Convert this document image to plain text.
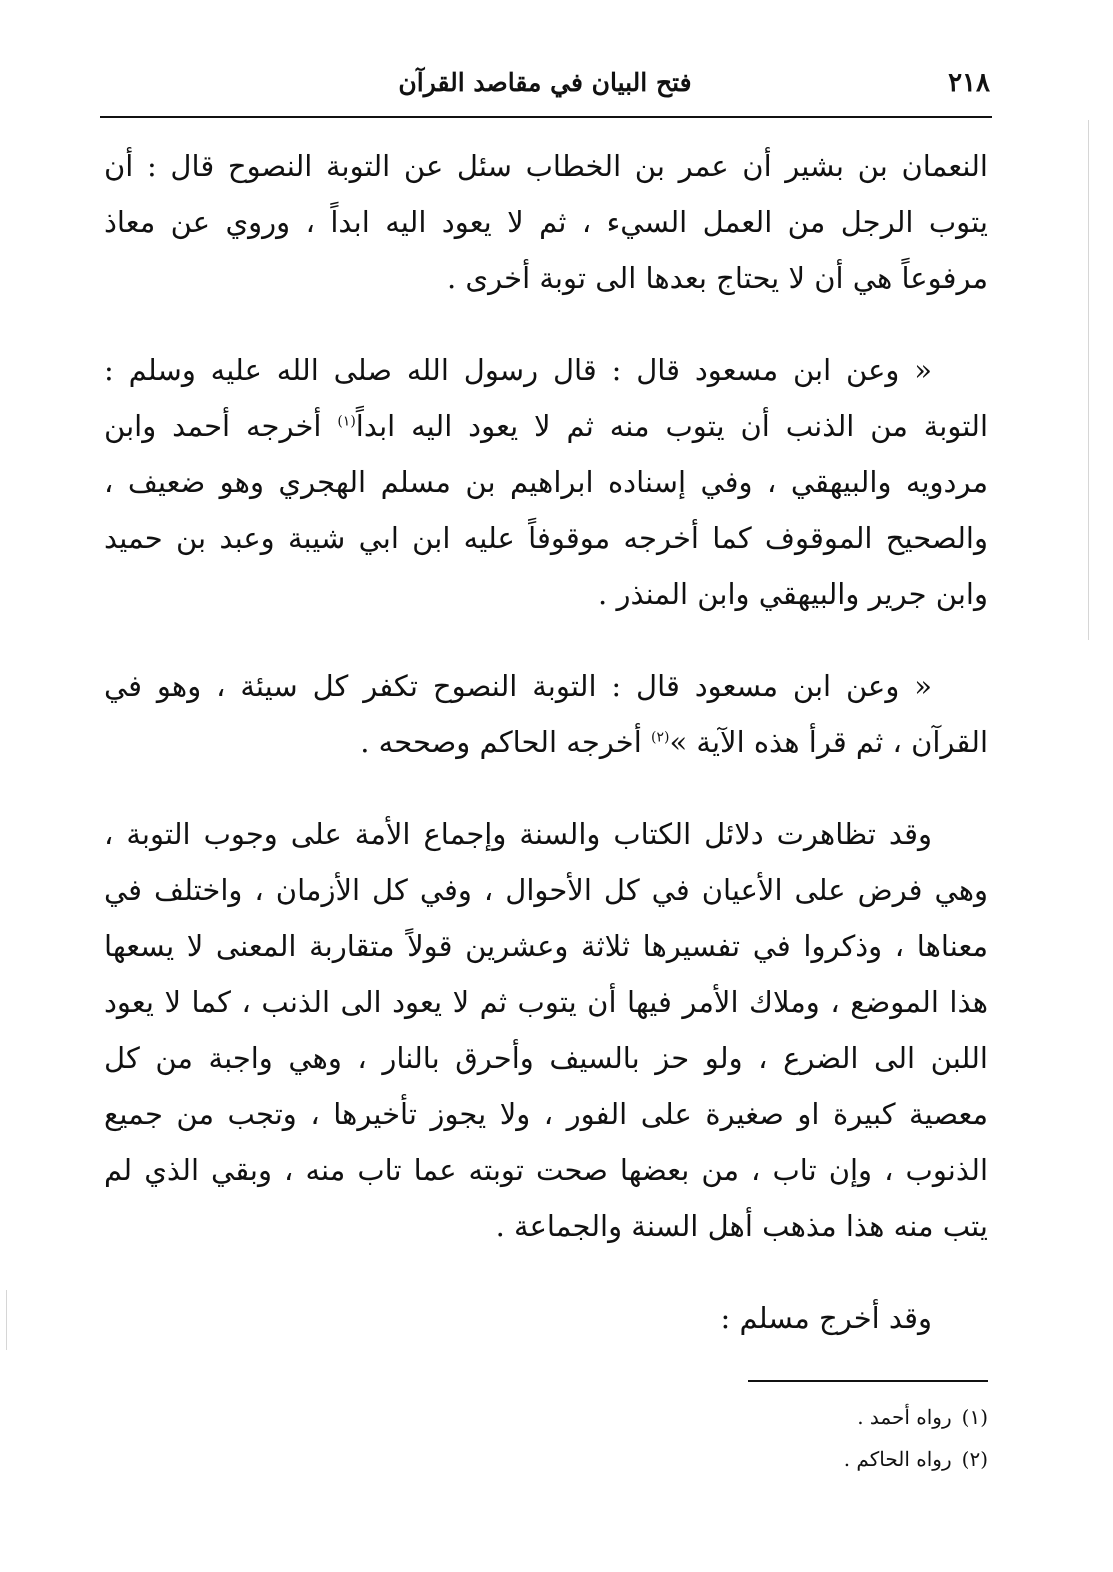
٢١٨
فتح البيان في مقاصد القرآن

النعمان بن بشير أن عمر بن الخطاب سئل عن التوبة النصوح قال : أن يتوب الرجل من العمل السيء ، ثم لا يعود اليه ابداً ، وروي عن معاذ مرفوعاً هي أن لا يحتاج بعدها الى توبة أخرى .

« وعن ابن مسعود قال : قال رسول الله صلى الله عليه وسلم : التوبة من الذنب أن يتوب منه ثم لا يعود اليه ابداً$^{(١)}$ أخرجه أحمد وابن مردويه والبيهقي ، وفي إسناده ابراهيم بن مسلم الهجري وهو ضعيف ، والصحيح الموقوف كما أخرجه موقوفاً عليه ابن ابي شيبة وعبد بن حميد وابن جرير والبيهقي وابن المنذر .

« وعن ابن مسعود قال : التوبة النصوح تكفر كل سيئة ، وهو في القرآن ، ثم قرأ هذه الآية »$^{(٢)}$ أخرجه الحاكم وصححه .

وقد تظاهرت دلائل الكتاب والسنة وإجماع الأمة على وجوب التوبة ، وهي فرض على الأعيان في كل الأحوال ، وفي كل الأزمان ، واختلف في معناها ، وذكروا في تفسيرها ثلاثة وعشرين قولاً متقاربة المعنى لا يسعها هذا الموضع ، وملاك الأمر فيها أن يتوب ثم لا يعود الى الذنب ، كما لا يعود اللبن الى الضرع ، ولو حز بالسيف وأحرق بالنار ، وهي واجبة من كل معصية كبيرة او صغيرة على الفور ، ولا يجوز تأخيرها ، وتجب من جميع الذنوب ، وإن تاب ، من بعضها صحت توبته عما تاب منه ، وبقي الذي لم يتب منه هذا مذهب أهل السنة والجماعة .

وقد أخرج مسلم :

(١)رواه أحمد .

(٢)رواه الحاكم .
